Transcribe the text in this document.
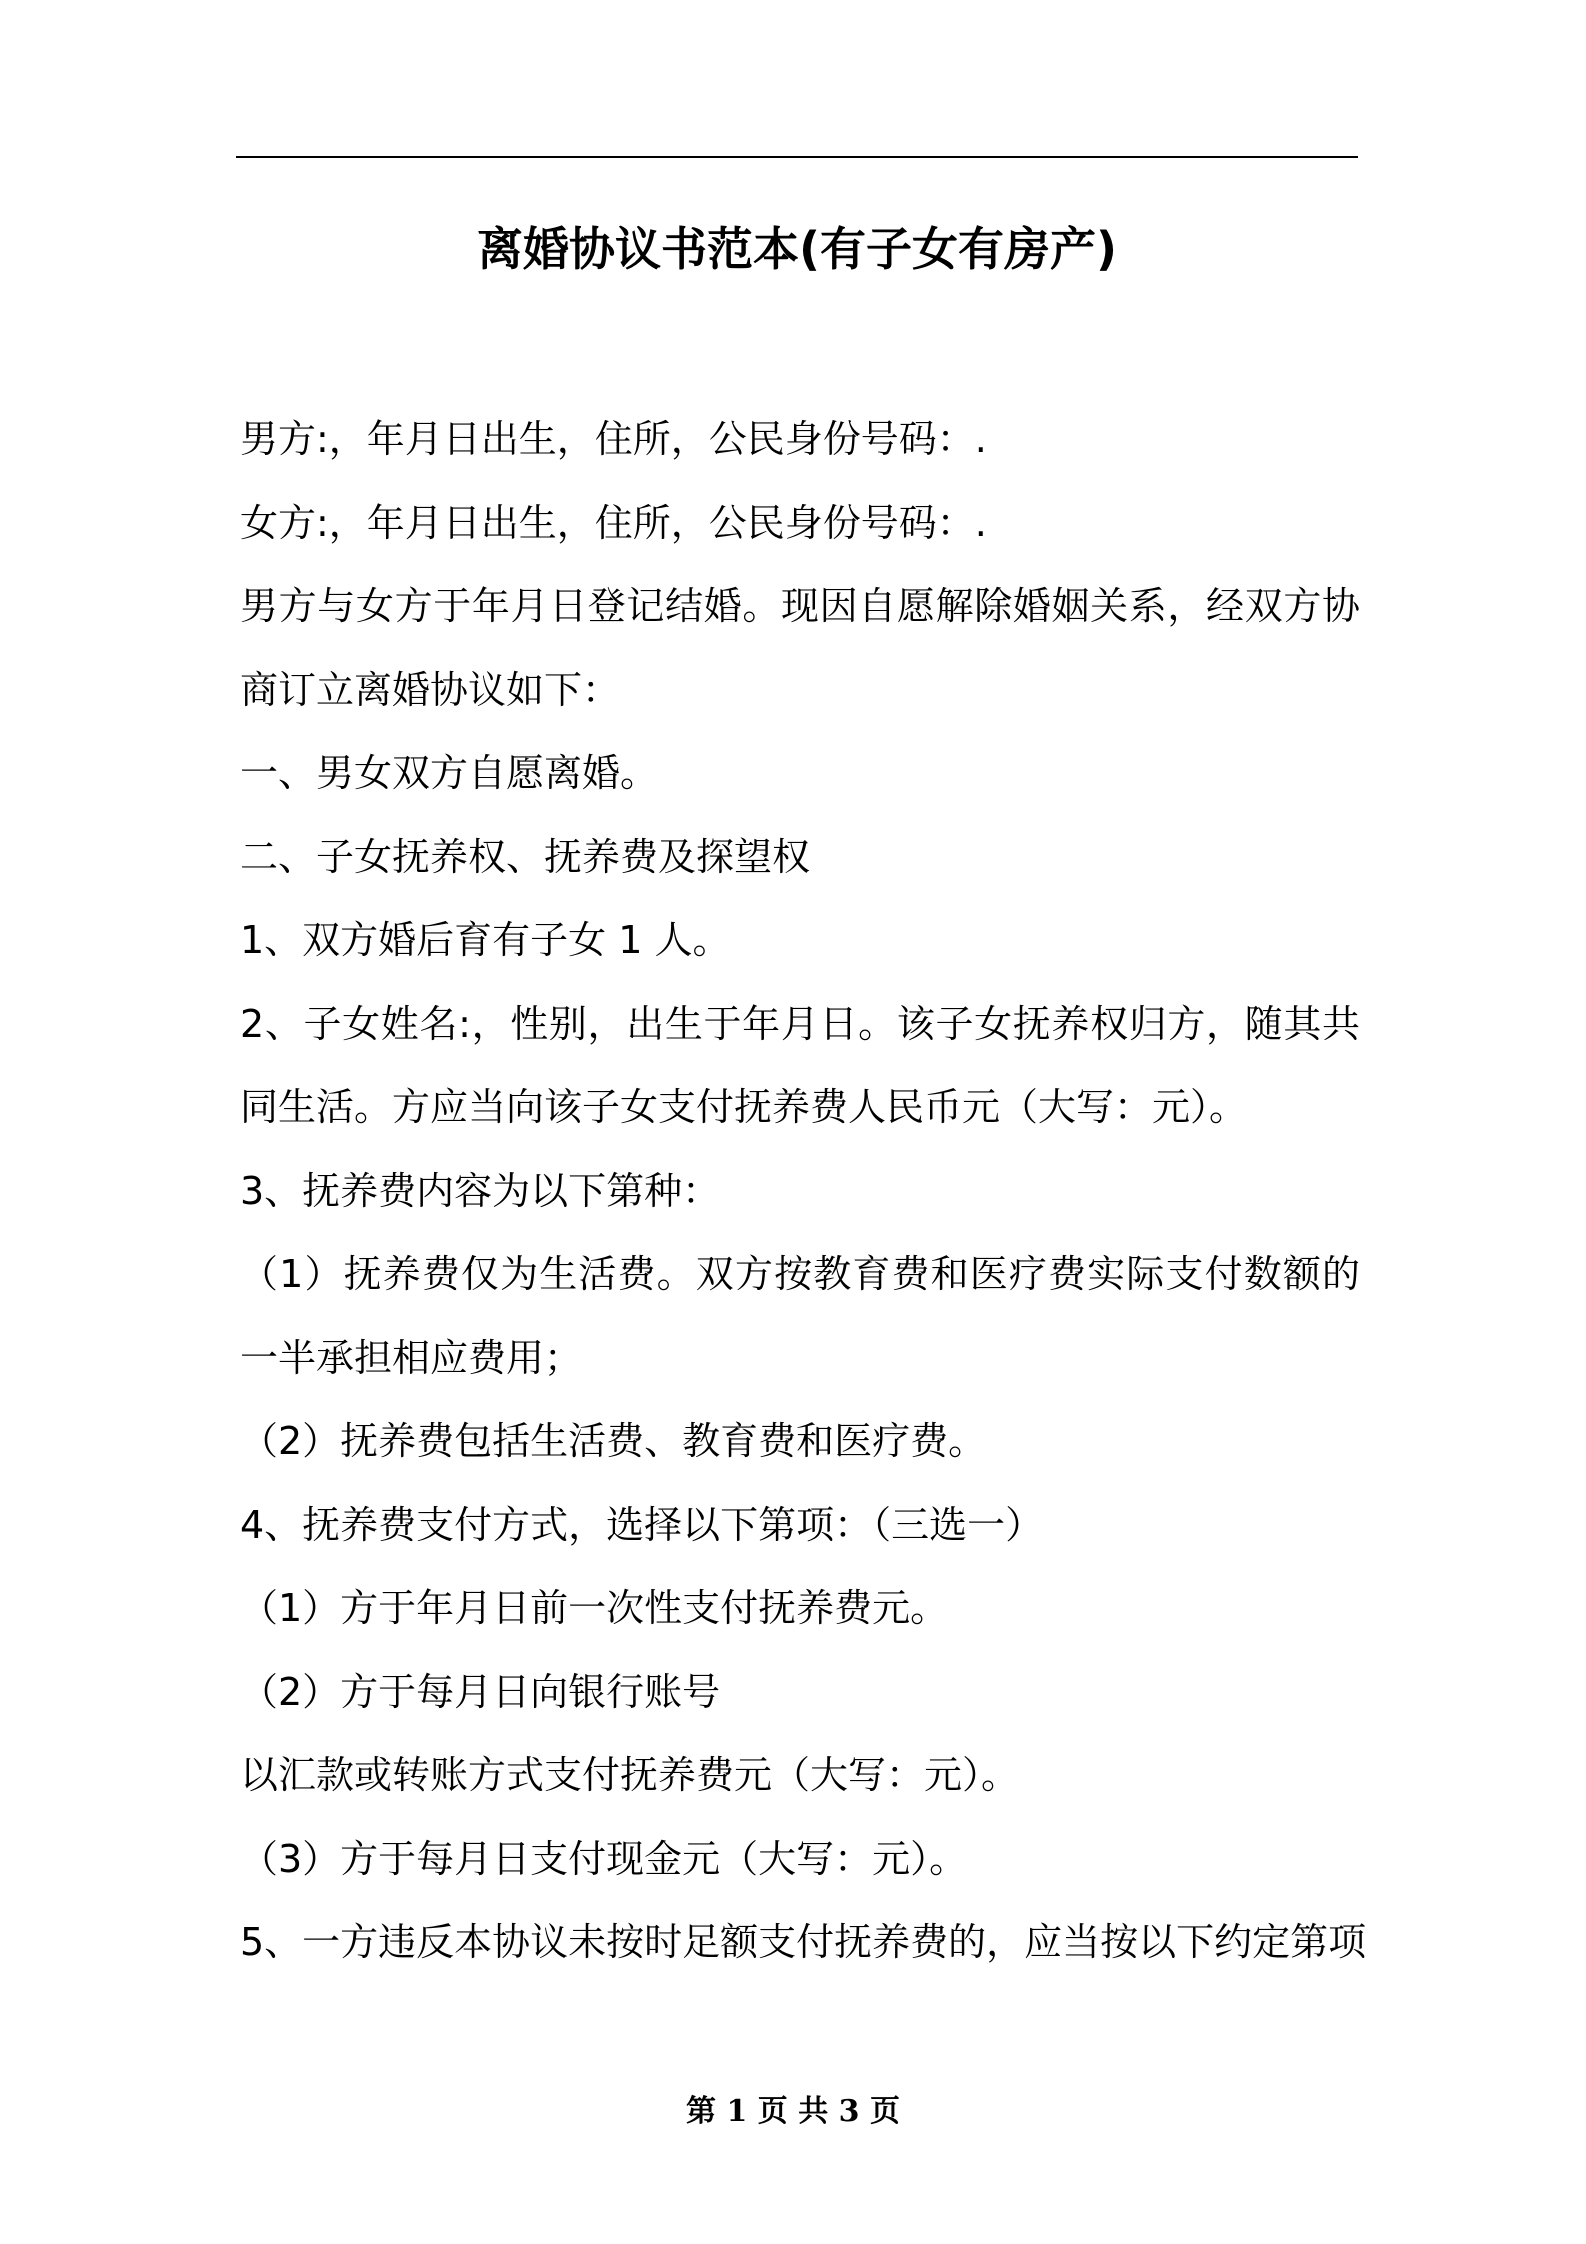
离婚协议书范本(有子女有房产)

男方:，年月日出生，住所，公民身份号码：.

女方:，年月日出生，住所，公民身份号码：.

男方与女方于年月日登记结婚。现因自愿解除婚姻关系，经双方协商订立离婚协议如下：

一、男女双方自愿离婚。

二、子女抚养权、抚养费及探望权

1、双方婚后育有子女 1 人。

2、子女姓名:，性别，出生于年月日。该子女抚养权归方，随其共同生活。方应当向该子女支付抚养费人民币元（大写：元）。

3、抚养费内容为以下第种：

（1）抚养费仅为生活费。双方按教育费和医疗费实际支付数额的一半承担相应费用；

（2）抚养费包括生活费、教育费和医疗费。

4、抚养费支付方式，选择以下第项：（三选一）

（1）方于年月日前一次性支付抚养费元。

（2）方于每月日向银行账号

以汇款或转账方式支付抚养费元（大写：元）。

（3）方于每月日支付现金元（大写：元）。

5、一方违反本协议未按时足额支付抚养费的，应当按以下约定第项

第 1 页 共 3 页
